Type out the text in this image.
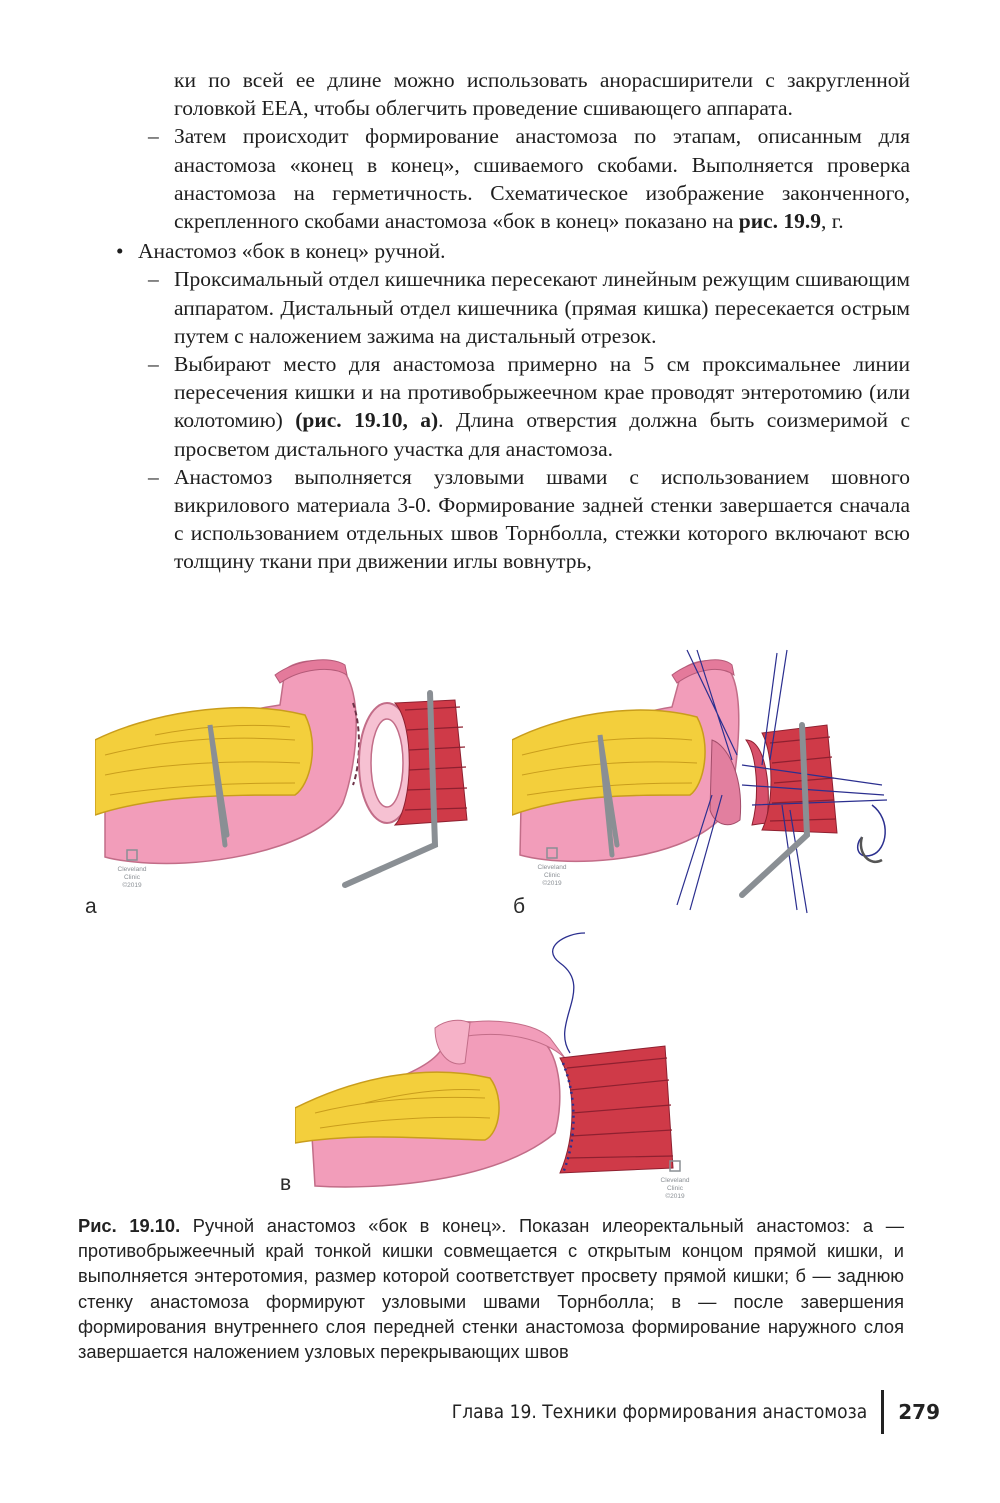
ки по всей ее длине можно использовать анорасширители с закругленной головкой EEA, чтобы облегчить проведение сшивающего аппарата.
– Затем происходит формирование анастомоза по этапам, описанным для анастомоза «конец в конец», сшиваемого скобами. Выполняется проверка анастомоза на герметичность. Схематическое изображение законченного, скрепленного скобами анастомоза «бок в конец» показано на рис. 19.9, г.
• Анастомоз «бок в конец» ручной.
– Проксимальный отдел кишечника пересекают линейным режущим сшивающим аппаратом. Дистальный отдел кишечника (прямая кишка) пересекается острым путем с наложением зажима на дистальный отрезок.
– Выбирают место для анастомоза примерно на 5 см проксимальнее линии пересечения кишки и на противобрыжеечном крае проводят энтеротомию (или колотомию) (рис. 19.10, а). Длина отверстия должна быть соизмеримой с просветом дистального участка для анастомоза.
– Анастомоз выполняется узловыми швами с использованием шовного викрилового материала 3-0. Формирование задней стенки завершается сначала с использованием отдельных швов Торнболла, стежки которого включают всю толщину ткани при движении иглы вовнутрь,
Cleveland
Clinic
©2019
а
Cleveland
Clinic
©2019
б
Cleveland
Clinic
©2019
в
Рис. 19.10. Ручной анастомоз «бок в конец». Показан илеоректальный анастомоз: а — противобрыжеечный край тонкой кишки совмещается с открытым концом прямой кишки, и выполняется энтеротомия, размер которой соответствует просвету прямой кишки; б — заднюю стенку анастомоза формируют узловыми швами Торнболла; в — после завершения формирования внутреннего слоя передней стенки анастомоза формирование наружного слоя завершается наложением узловых перекрывающих швов
Глава 19. Техники формирования анастомоза	279
